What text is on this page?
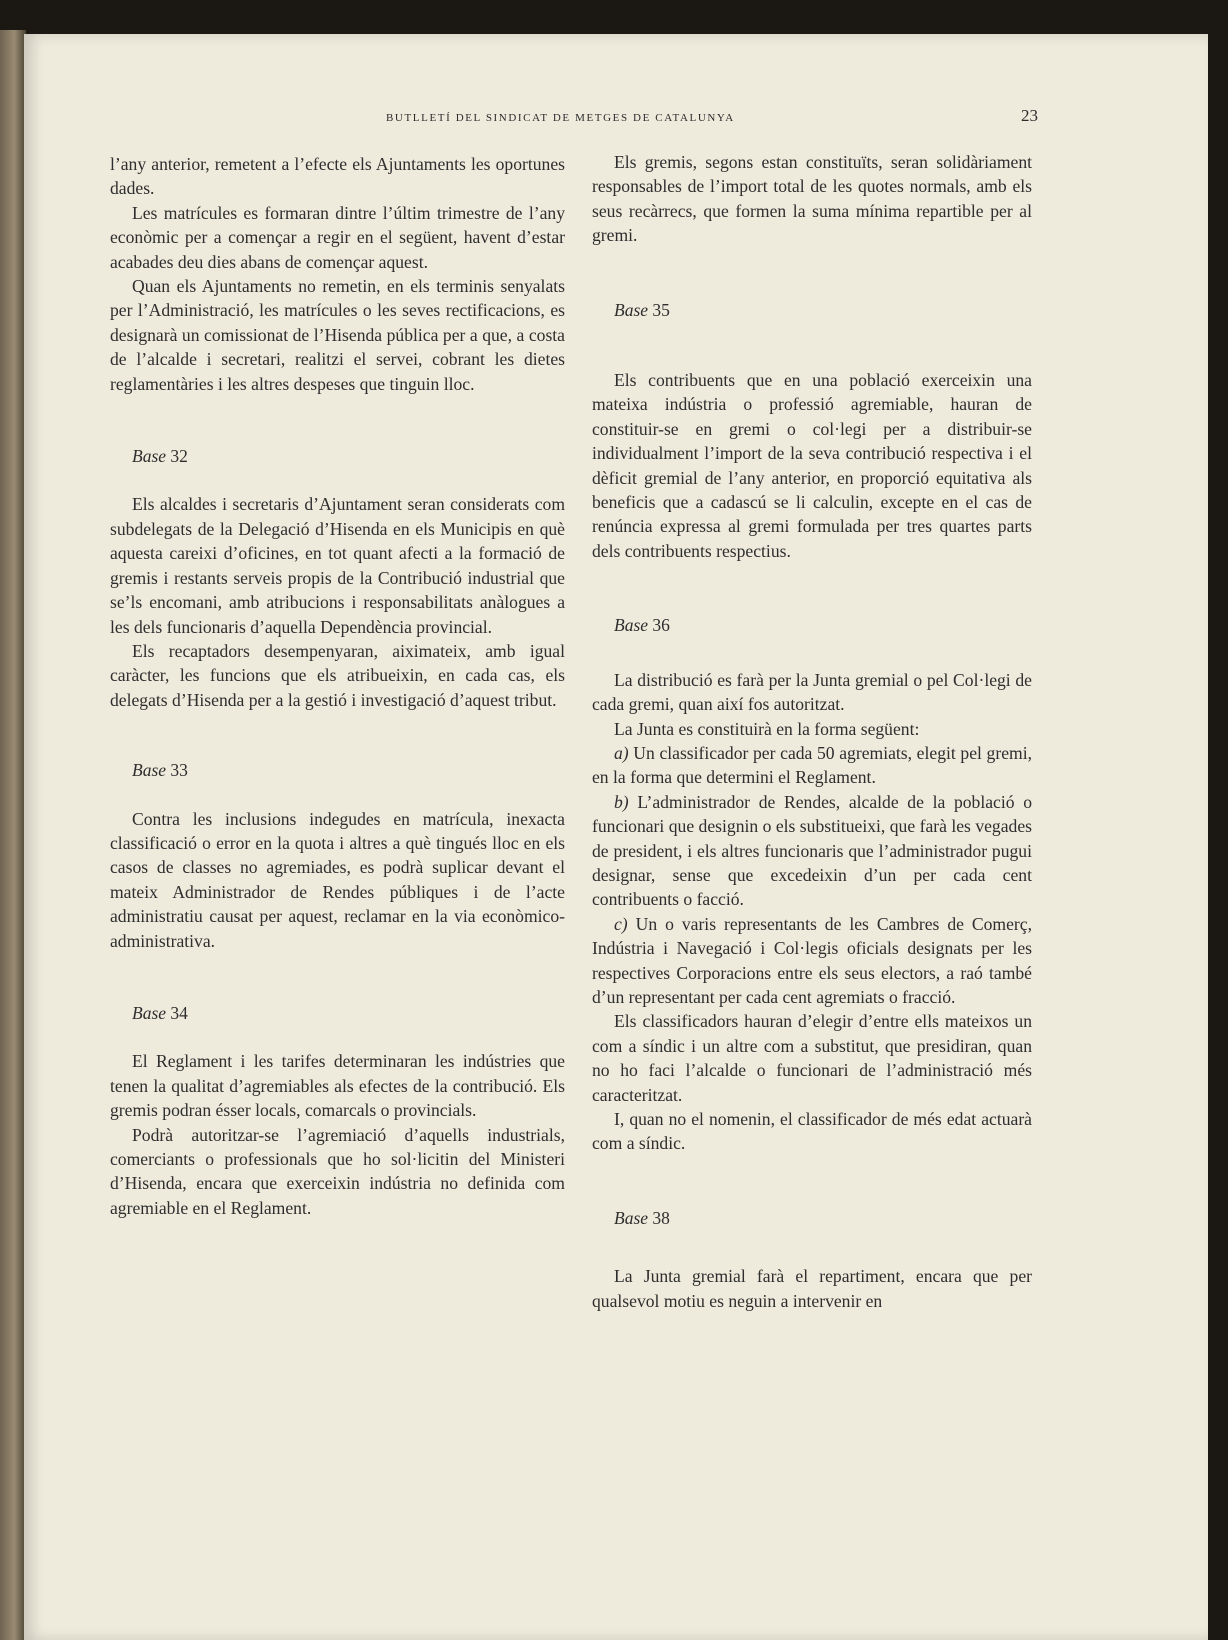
BUTLLETÍ DEL SINDICAT DE METGES DE CATALUNYA	23

l’any anterior, remetent a l’efecte els Ajuntaments les oportunes dades.

Les matrícules es formaran dintre l’últim trimestre de l’any econòmic per a començar a regir en el següent, havent d’estar acabades deu dies abans de començar aquest.

Quan els Ajuntaments no remetin, en els terminis senyalats per l’Administració, les matrícules o les seves rectificacions, es designarà un comissionat de l’Hisenda pública per a que, a costa de l’alcalde i secretari, realitzi el servei, cobrant les dietes reglamentàries i les altres despeses que tinguin lloc.

Base 32

Els alcaldes i secretaris d’Ajuntament seran considerats com subdelegats de la Delegació d’Hisenda en els Municipis en què aquesta careixi d’oficines, en tot quant afecti a la formació de gremis i restants serveis propis de la Contribució industrial que se’ls encomani, amb atribucions i responsabilitats anàlogues a les dels funcionaris d’aquella Dependència provincial.

Els recaptadors desempenyaran, aiximateix, amb igual caràcter, les funcions que els atribueixin, en cada cas, els delegats d’Hisenda per a la gestió i investigació d’aquest tribut.

Base 33

Contra les inclusions indegudes en matrícula, inexacta classificació o error en la quota i altres a què tingués lloc en els casos de classes no agremiades, es podrà suplicar devant el mateix Administrador de Rendes públiques i de l’acte administratiu causat per aquest, reclamar en la via econòmico-administrativa.

Base 34

El Reglament i les tarifes determinaran les indústries que tenen la qualitat d’agremiables als efectes de la contribució. Els gremis podran ésser locals, comarcals o provincials.

Podrà autoritzar-se l’agremiació d’aquells industrials, comerciants o professionals que ho sol·licitin del Ministeri d’Hisenda, encara que exerceixin indústria no definida com agremiable en el Reglament.

Els gremis, segons estan constituïts, seran solidàriament responsables de l’import total de les quotes normals, amb els seus recàrrecs, que formen la suma mínima repartible per al gremi.

Base 35

Els contribuents que en una població exerceixin una mateixa indústria o professió agremiable, hauran de constituir-se en gremi o col·legi per a distribuir-se individualment l’import de la seva contribució respectiva i el dèficit gremial de l’any anterior, en proporció equitativa als beneficis que a cadascú se li calculin, excepte en el cas de renúncia expressa al gremi formulada per tres quartes parts dels contribuents respectius.

Base 36

La distribució es farà per la Junta gremial o pel Col·legi de cada gremi, quan així fos autoritzat.

La Junta es constituirà en la forma següent:

a) Un classificador per cada 50 agremiats, elegit pel gremi, en la forma que determini el Reglament.

b) L’administrador de Rendes, alcalde de la població o funcionari que designin o els substitueixi, que farà les vegades de president, i els altres funcionaris que l’administrador pugui designar, sense que excedeixin d’un per cada cent contribuents o facció.

c) Un o varis representants de les Cambres de Comerç, Indústria i Navegació i Col·legis oficials designats per les respectives Corporacions entre els seus electors, a raó també d’un representant per cada cent agremiats o fracció.

Els classificadors hauran d’elegir d’entre ells mateixos un com a síndic i un altre com a substitut, que presidiran, quan no ho faci l’alcalde o funcionari de l’administració més caracteritzat.

I, quan no el nomenin, el classificador de més edat actuarà com a síndic.

Base 38

La Junta gremial farà el repartiment, encara que per qualsevol motiu es neguin a intervenir en
